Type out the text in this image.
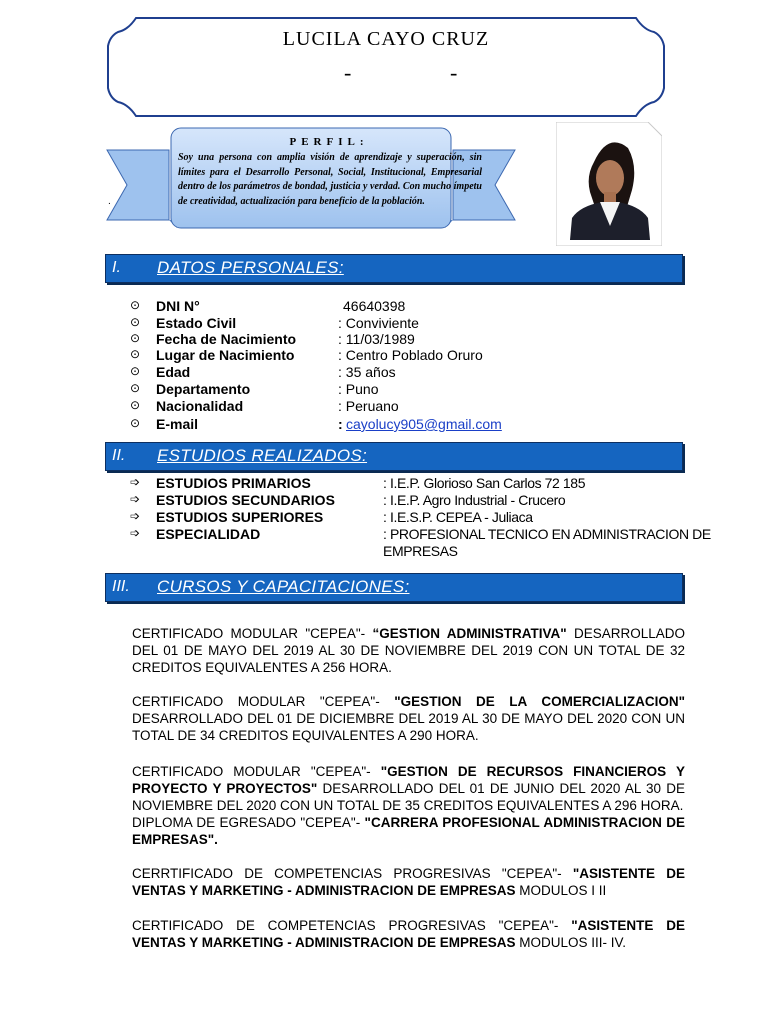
LUCILA CAYO CRUZ
-	-
PERFIL:
Soy una persona con amplia visión de aprendizaje y superación, sin límites para el Desarrollo Personal, Social, Institucional, Empresarial dentro de los parámetros de bondad, justicia y verdad. Con mucho ímpetu de creatividad, actualización para beneficio de la población.
.
I. DATOS PERSONALES:
⊙ DNI N°	46640398
⊙ Estado Civil	: Conviviente
⊙ Fecha de Nacimiento	: 11/03/1989
⊙ Lugar de Nacimiento	: Centro Poblado Oruro
⊙ Edad	: 35 años
⊙ Departamento	: Puno
⊙ Nacionalidad	: Peruano
⊙ E-mail	: cayolucy905@gmail.com
II. ESTUDIOS REALIZADOS:
➩ ESTUDIOS PRIMARIOS	: I.E.P. Glorioso San Carlos 72 185
➩ ESTUDIOS SECUNDARIOS	: I.E.P. Agro Industrial - Crucero
➩ ESTUDIOS SUPERIORES	: I.E.S.P. CEPEA - Juliaca
➩ ESPECIALIDAD	: PROFESIONAL TECNICO EN ADMINISTRACION DE EMPRESAS
III. CURSOS Y CAPACITACIONES:
CERTIFICADO MODULAR "CEPEA"- “GESTION ADMINISTRATIVA" DESARROLLADO DEL 01 DE MAYO DEL 2019 AL 30 DE NOVIEMBRE DEL 2019 CON UN TOTAL DE 32 CREDITOS EQUIVALENTES A 256 HORA.
CERTIFICADO MODULAR "CEPEA"- "GESTION DE LA COMERCIALIZACION" DESARROLLADO DEL 01 DE DICIEMBRE DEL 2019 AL 30 DE MAYO DEL 2020 CON UN TOTAL DE 34 CREDITOS EQUIVALENTES A 290 HORA.
CERTIFICADO MODULAR "CEPEA"- "GESTION DE RECURSOS FINANCIEROS Y PROYECTO Y PROYECTOS" DESARROLLADO DEL 01 DE JUNIO DEL 2020 AL 30 DE NOVIEMBRE DEL 2020 CON UN TOTAL DE 35 CREDITOS EQUIVALENTES A 296 HORA.
DIPLOMA DE EGRESADO "CEPEA"- "CARRERA PROFESIONAL ADMINISTRACION DE EMPRESAS".
CERRTIFICADO DE COMPETENCIAS PROGRESIVAS "CEPEA"- "ASISTENTE DE VENTAS Y MARKETING - ADMINISTRACION DE EMPRESAS MODULOS I II
CERTIFICADO DE COMPETENCIAS PROGRESIVAS "CEPEA"- "ASISTENTE DE VENTAS Y MARKETING - ADMINISTRACION DE EMPRESAS MODULOS III- IV.
